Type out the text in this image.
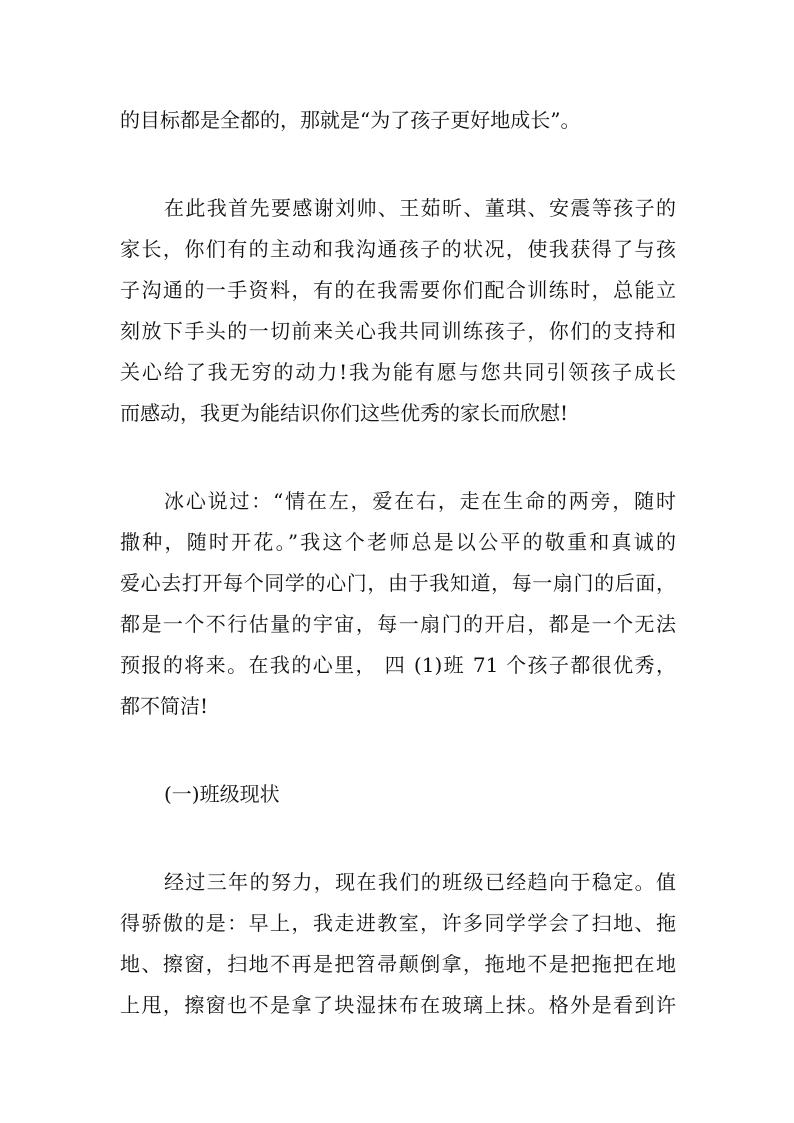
的目标都是全都的，那就是“为了孩子更好地成长”。
在此我首先要感谢刘帅、王茹昕、董琪、安震等孩子的
家长，你们有的主动和我沟通孩子的状况，使我获得了与孩
子沟通的一手资料，有的在我需要你们配合训练时，总能立
刻放下手头的一切前来关心我共同训练孩子，你们的支持和
关心给了我无穷的动力!我为能有愿与您共同引领孩子成长
而感动，我更为能结识你们这些优秀的家长而欣慰!
冰心说过：“情在左，爱在右，走在生命的两旁，随时
撒种，随时开花。”我这个老师总是以公平的敬重和真诚的
爱心去打开每个同学的心门，由于我知道，每一扇门的后面，
都是一个不行估量的宇宙，每一扇门的开启，都是一个无法
预报的将来。在我的心里， 四 (1)班 71 个孩子都很优秀，
都不简洁!
(一)班级现状
经过三年的努力，现在我们的班级已经趋向于稳定。值
得骄傲的是：早上，我走进教室，许多同学学会了扫地、拖
地、擦窗，扫地不再是把笤帚颠倒拿，拖地不是把拖把在地
上甩，擦窗也不是拿了块湿抹布在玻璃上抹。格外是看到许
